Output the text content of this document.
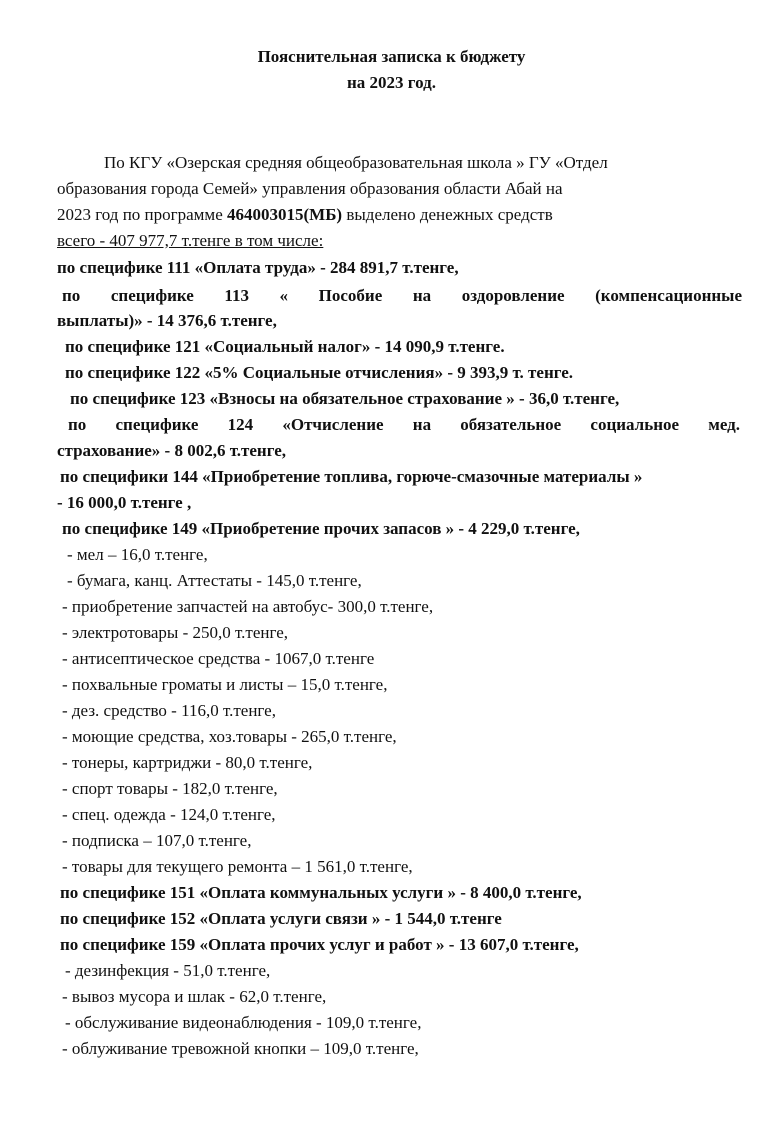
Пояснительная записка к бюджету
на 2023 год.
По КГУ «Озерская средняя общеобразовательная школа » ГУ «Отдел
образования города Семей» управления образования области Абай на
2023 год по программе 464003015(МБ) выделено денежных средств
всего - 407 977,7 т.тенге в том числе:
по специфике 111 «Оплата труда» - 284 891,7 т.тенге,
по специфике 113 « Пособие на оздоровление (компенсационные
выплаты)» - 14 376,6 т.тенге,
по специфике 121 «Социальный налог» - 14 090,9 т.тенге.
по специфике 122 «5% Социальные отчисления» - 9 393,9 т. тенге.
по специфике 123 «Взносы на обязательное страхование » - 36,0 т.тенге,
по специфике 124 «Отчисление на обязательное социальное мед.
страхование» - 8 002,6 т.тенге,
по специфики 144 «Приобретение топлива, горюче-смазочные материалы »
- 16 000,0 т.тенге ,
по специфике 149 «Приобретение прочих запасов » - 4 229,0 т.тенге,
- мел – 16,0 т.тенге,
- бумага, канц. Аттестаты - 145,0 т.тенге,
- приобретение запчастей на автобус- 300,0 т.тенге,
- электротовары - 250,0 т.тенге,
- антисептическое средства - 1067,0 т.тенге
- похвальные громаты и листы – 15,0 т.тенге,
- дез. средство - 116,0 т.тенге,
- моющие средства, хоз.товары - 265,0 т.тенге,
- тонеры, картриджи - 80,0 т.тенге,
- спорт товары - 182,0 т.тенге,
- спец. одежда - 124,0 т.тенге,
- подписка – 107,0 т.тенге,
- товары для текущего ремонта – 1 561,0 т.тенге,
по специфике 151 «Оплата коммунальных услуги » - 8 400,0 т.тенге,
по специфике 152 «Оплата услуги связи » - 1 544,0 т.тенге
по специфике 159 «Оплата прочих услуг и работ » - 13 607,0 т.тенге,
- дезинфекция - 51,0 т.тенге,
- вывоз мусора и шлак - 62,0 т.тенге,
- обслуживание видеонаблюдения - 109,0 т.тенге,
- облуживание тревожной кнопки – 109,0 т.тенге,
